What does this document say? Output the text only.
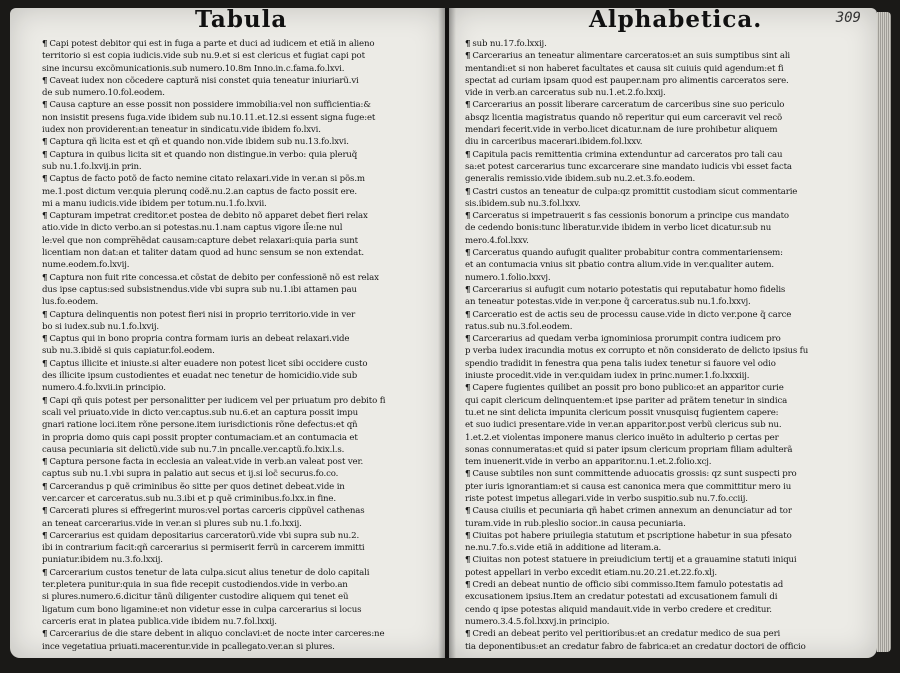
Tabula

¶ Capi potest debitor qui est in fuga a parte et duci ad iudicem et etiã in alieno
territorio si est copia iudicis.vide sub nu.9.et si est clericus et fugiat capi pot
sine incursu excõmunicationis.sub numero.10.8m Inno.in.c.fama.fo.lxvi.

¶ Caveat iudex non cõcedere capturã nisi constet quia teneatur iniuriarũ.vi
de sub numero.10.fol.eodem.

¶ Causa capture an esse possit non possidere immobilia:vel non sufficientia:&
non insistit presens fuga.vide ibidem sub nu.10.11.et.12.si essent signa fuge:et
iudex non providerent:an teneatur in sindicatu.vide ibidem fo.lxvi.

¶ Captura qñ licita est et qñ et quando non.vide ibidem sub nu.13.fo.lxvi.

¶ Captura in quibus licita sit et quando non distingue.in verbo: quia pleruq̃
sub nu.1.fo.lxvij.in prin.

¶ Captus de facto potõ de facto nemine citato relaxari.vide in ver.an si põs.m
me.1.post dictum ver.quia plerunq codẽ.nu.2.an captus de facto possit ere.
mi a manu iudicis.vide ibidem per totum.nu.1.fo.lxvii.

¶ Capturam impetrat creditor.et postea de debito nõ apparet debet fieri relax
atio.vide in dicto verbo.an si potestas.nu.1.nam captus vigore il̃e:ne nul
le:vel que non compre̅hẽdat causam:capture debet relaxari:quia paria sunt
licentiam non dat:an et taliter datam quod ad hunc sensum se non extendat.
nume.eodem.fo.lxvij.

¶ Captura non fuit rite concessa.et cõstat de debito per confessionẽ nõ est relax
dus ipse captus:sed subsistnendus.vide vbi supra sub nu.1.ibi attamen pau
lus.fo.eodem.

¶ Captura delinquentis non potest fieri nisi in proprio territorio.vide in ver
bo si iudex.sub nu.1.fo.lxvij.

¶ Captus qui in bono propria contra formam iuris an debeat relaxari.vide
sub nu.3.ibidẽ si quis capiatur.fol.eodem.

¶ Captus illicite et iniuste.si alter euadere non potest licet sibi occidere custo
des illicite ipsum custodientes et euadat nec tenetur de homicidio.vide sub
numero.4.fo.lxvii.in principio.

¶ Capi qñ quis potest per personalitter per iudicem vel per priuatum pro debito fi
scali vel priuato.vide in dicto ver.captus.sub nu.6.et an captura possit impu
gnari ratione loci.item rõne persone.item iurisdictionis rõne defectus:et qñ
in propria domo quis capi possit propter contumaciam.et an contumacia et
causa pecuniaria sit delictũ.vide sub nu.7.in pncalle.ver.captũ.fo.lxix.l.s.

¶ Captura persone facta in ecclesia an valeat.vide in verb.an valeat post ver.
captus sub nu.1.vbi supra in palatio aut secus et ij.si loc̃ securus.fo.co.

¶ Carcerandus p quẽ criminibus ẽo sitte per quos detinet debeat.vide in
ver.carcer et carceratus.sub nu.3.ibi et p quẽ criminibus.fo.lxx.in fine.

¶ Carcerati plures si effregerint muros:vel portas carceris cippũvel cathenas
an teneat carcerarius.vide in ver.an si plures sub nu.1.fo.lxxij.

¶ Carcerarius est quidam depositarius carceratorũ.vide vbi supra sub nu.2.
ibi in contrarium facit:qñ carcerarius si permiserit ferrũ in carcerem immitti
puniatur.ibidem nu.3.fo.lxxij.

¶ Carcerarium custos tenetur de lata culpa.sicut alius tenetur de dolo capitali
ter.pletera punitur:quia in sua fide recepit custodiendos.vide in verbo.an
si plures.numero.6.dicitur tãnũ diligenter custodire aliquem qui tenet eũ
ligatum cum bono ligamine:et non videtur esse in culpa carcerarius si locus
carceris erat in platea publica.vide ibidem nu.7.fol.lxxij.

¶ Carcerarius de die stare debent in aliquo conclavi:et de nocte inter carceres:ne
ince vegetatiua priuati.macerentur.vide in pcallegato.ver.an si plures.

Alphabetica.	309

¶ sub nu.17.fo.lxxij.

¶ Carcerarius an teneatur alimentare carceratos:et an suis sumptibus sint ali
mentandi:et si non haberet facultates et causa sit cuiuis quid agendum:et fi
spectat ad curiam ipsam quod est pauper.nam pro alimentis carceratos sere.
vide in verb.an carceratus sub nu.1.et.2.fo.lxxij.

¶ Carcerarius an possit liberare carceratum de carceribus sine suo periculo
absqz licentia magistratus quando nõ reperitur qui eum carceravit vel recõ
mendari fecerit.vide in verbo.licet dicatur.nam de iure prohibetur aliquem
diu in carceribus macerari.ibidem.fol.lxxv.

¶ Capitula pacis remittentia crimina extenduntur ad carceratos pro tali cau
sa:et potest carcerarius tunc excarcerare sine mandato iudicis vbi esset facta
generalis remissio.vide ibidem.sub nu.2.et.3.fo.eodem.

¶ Castri custos an teneatur de culpa:qz promittit custodiam sicut commentarie
sis.ibidem.sub nu.3.fol.lxxv.

¶ Carceratus si impetrauerit s fas cessionis bonorum a principe cus mandato
de cedendo bonis:tunc liberatur.vide ibidem in verbo licet dicatur.sub nu
mero.4.fol.lxxv.

¶ Carceratus quando aufugit qualiter probabitur contra commentariensem:
et an contumacia vnius sit pbatio contra alium.vide in ver.qualiter autem.
numero.1.folio.lxxvj.

¶ Carcerarius si aufugit cum notario potestatis qui reputabatur homo fidelis
an teneatur potestas.vide in ver.pone q̃ carceratus.sub nu.1.fo.lxxvj.

¶ Carceratio est de actis seu de processu cause.vide in dicto ver.pone q̃ carce
ratus.sub nu.3.fol.eodem.

¶ Carcerarius ad quedam verba ignominiosa prorumpit contra iudicem pro
p verba iudex iracundia motus ex corrupto et nõn considerato de delicto ipsius fu
spendio tradidit in fenestra qua pena talis iudex tenetur si fauore vel odio
iniuste procedit.vide in ver.quidam iudex in princ.numer.1.fo.lxxxiij.

¶ Capere fugientes quilibet an possit pro bono publico:et an apparitor curie
qui capit clericum delinquentem:et ipse pariter ad prãtem tenetur in sindica
tu.et ne sint delicta impunita clericum possit vnusquisq fugientem capere:
et suo iudici presentare.vide in ver.an apparitor.post verbũ clericus sub nu.
1.et.2.et violentas imponere manus clerico inuẽto in adulterio p certas per
sonas connumeratas:et quid si pater ipsum clericum propriam filiam adulterã
tem inuenerit.vide in verbo an apparitor.nu.1.et.2.folio.xcj.

¶ Cause subtiles non sunt committende aduocatis grossis: qz sunt suspecti pro
pter iuris ignorantiam:et si causa est canonica mera que committitur mero iu
riste potest impetus allegari.vide in verbo suspitio.sub nu.7.fo.cciij.

¶ Causa ciuilis et pecuniaria qñ habet crimen annexum an denunciatur ad tor
turam.vide in rub.pleslio socior..in causa pecuniaria.

¶ Ciuitas pot habere priuilegia statutum et pscriptione habetur in sua pfesato
ne.nu.7.fo.s.vide etiã in additione ad literam.a.

¶ Ciuitas non potest statuere in preiudicium tertij et a grauamine statuti iniqui
potest appellari in verbo excedit etiam.nu.20.21.et.22.fo.xlj.

¶ Credi an debeat nuntio de officio sibi commisso.Item famulo potestatis ad
excusationem ipsius.Item an credatur potestati ad excusationem famuli di
cendo q ipse potestas aliquid mandauit.vide in verbo credere et creditur.
numero.3.4.5.fol.lxxvj.in principio.

¶ Credi an debeat perito vel peritioribus:et an credatur medico de sua peri
tia deponentibus:et an credatur fabro de fabrica:et an credatur doctori de officio
